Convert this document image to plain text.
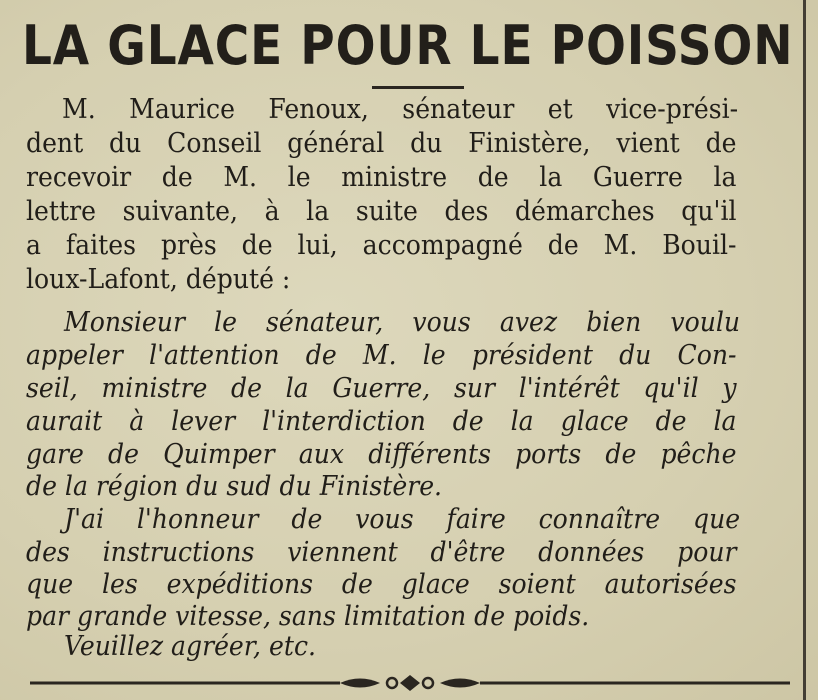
LA GLACE POUR LE POISSON
M. Maurice Fenoux, sénateur et vice-prési-
dent du Conseil général du Finistère, vient de
recevoir de M. le ministre de la Guerre la
lettre suivante, à la suite des démarches qu'il
a faites près de lui, accompagné de M. Bouil-
loux-Lafont, député :
Monsieur le sénateur, vous avez bien voulu
appeler l'attention de M. le président du Con-
seil, ministre de la Guerre, sur l'intérêt qu'il y
aurait à lever l'interdiction de la glace de la
gare de Quimper aux différents ports de pêche
de la région du sud du Finistère.
J'ai l'honneur de vous faire connaître que
des instructions viennent d'être données pour
que les expéditions de glace soient autorisées
par grande vitesse, sans limitation de poids.
Veuillez agréer, etc.
